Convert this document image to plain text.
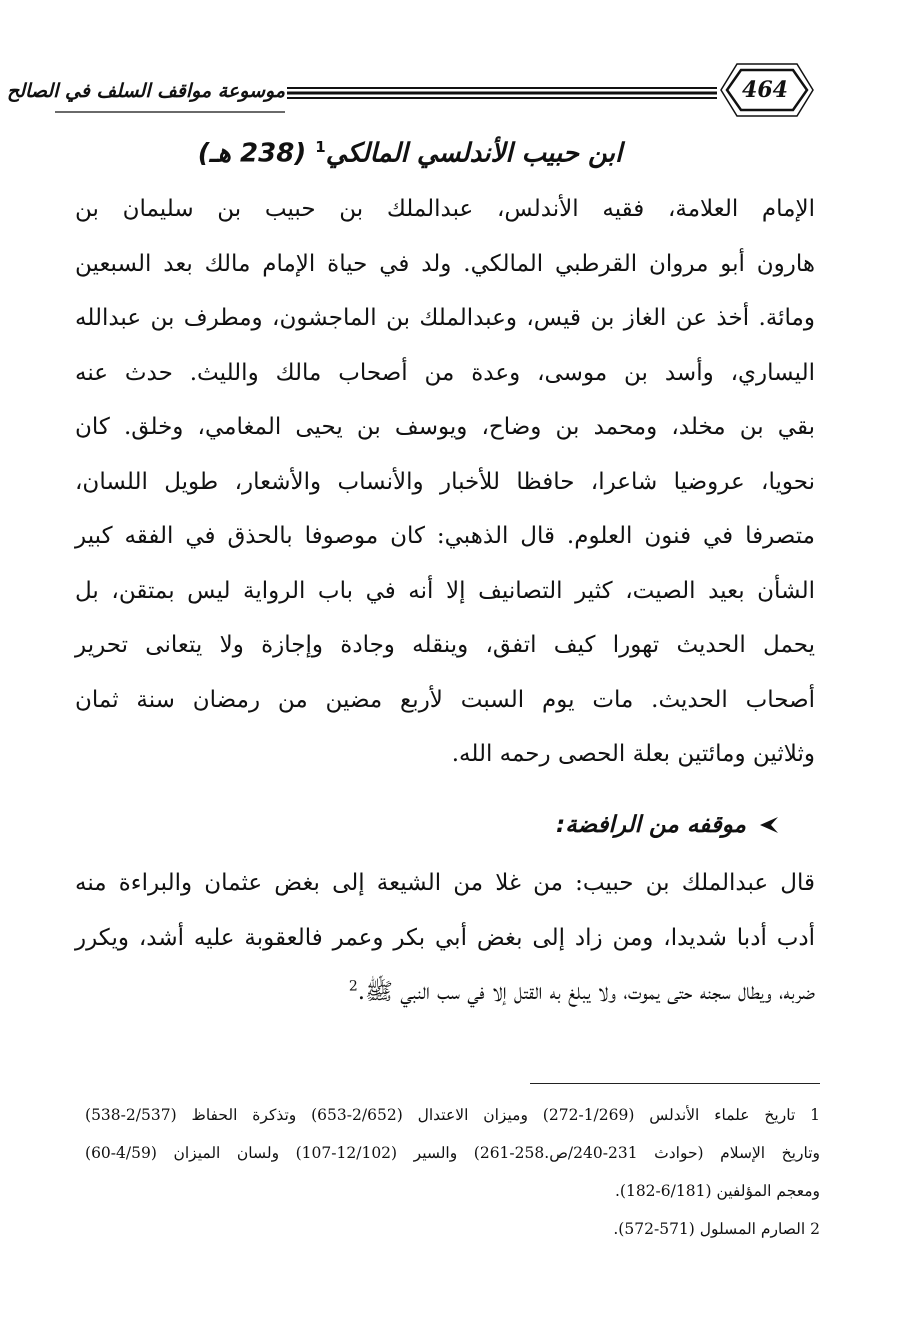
464
موسوعة مواقف السلف في الصالح
ابن حبيب الأندلسي المالكي$^1$ (238 هـ)
الإمام العلامة، فقيه الأندلس، عبدالملك بن حبيب بن سليمان بن
هارون أبو مروان القرطبي المالكي. ولد في حياة الإمام مالك بعد السبعين
ومائة. أخذ عن الغاز بن قيس، وعبدالملك بن الماجشون، ومطرف بن عبدالله
اليساري، وأسد بن موسى، وعدة من أصحاب مالك والليث. حدث عنه
بقي بن مخلد، ومحمد بن وضاح، ويوسف بن يحيى المغامي، وخلق. كان
نحويا، عروضيا شاعرا، حافظا للأخبار والأنساب والأشعار، طويل اللسان،
متصرفا في فنون العلوم. قال الذهبي: كان موصوفا بالحذق في الفقه كبير
الشأن بعيد الصيت، كثير التصانيف إلا أنه في باب الرواية ليس بمتقن، بل
يحمل الحديث تهورا كيف اتفق، وينقله وجادة وإجازة ولا يتعانى تحرير
أصحاب الحديث. مات يوم السبت لأربع مضين من رمضان سنة ثمان
وثلاثين ومائتين بعلة الحصى رحمه الله.
موقفه من الرافضة:
قال عبدالملك بن حبيب: من غلا من الشيعة إلى بغض عثمان والبراءة منه
أدب أدبا شديدا، ومن زاد إلى بغض أبي بكر وعمر فالعقوبة عليه أشد، ويكرر
ضربه، ويطال سجنه حتى يموت، ولا يبلغ به القتل إلا في سب النبي ﷺ.$^2$
1 تاريخ علماء الأندلس (1/269-272) وميزان الاعتدال (2/652-653) وتذكرة الحفاظ (2/537-538)
وتاريخ الإسلام (حوادث 231-240/ص.258-261) والسير (12/102-107) ولسان الميزان (4/59-60)
ومعجم المؤلفين (6/181-182).
2 الصارم المسلول (571-572).
